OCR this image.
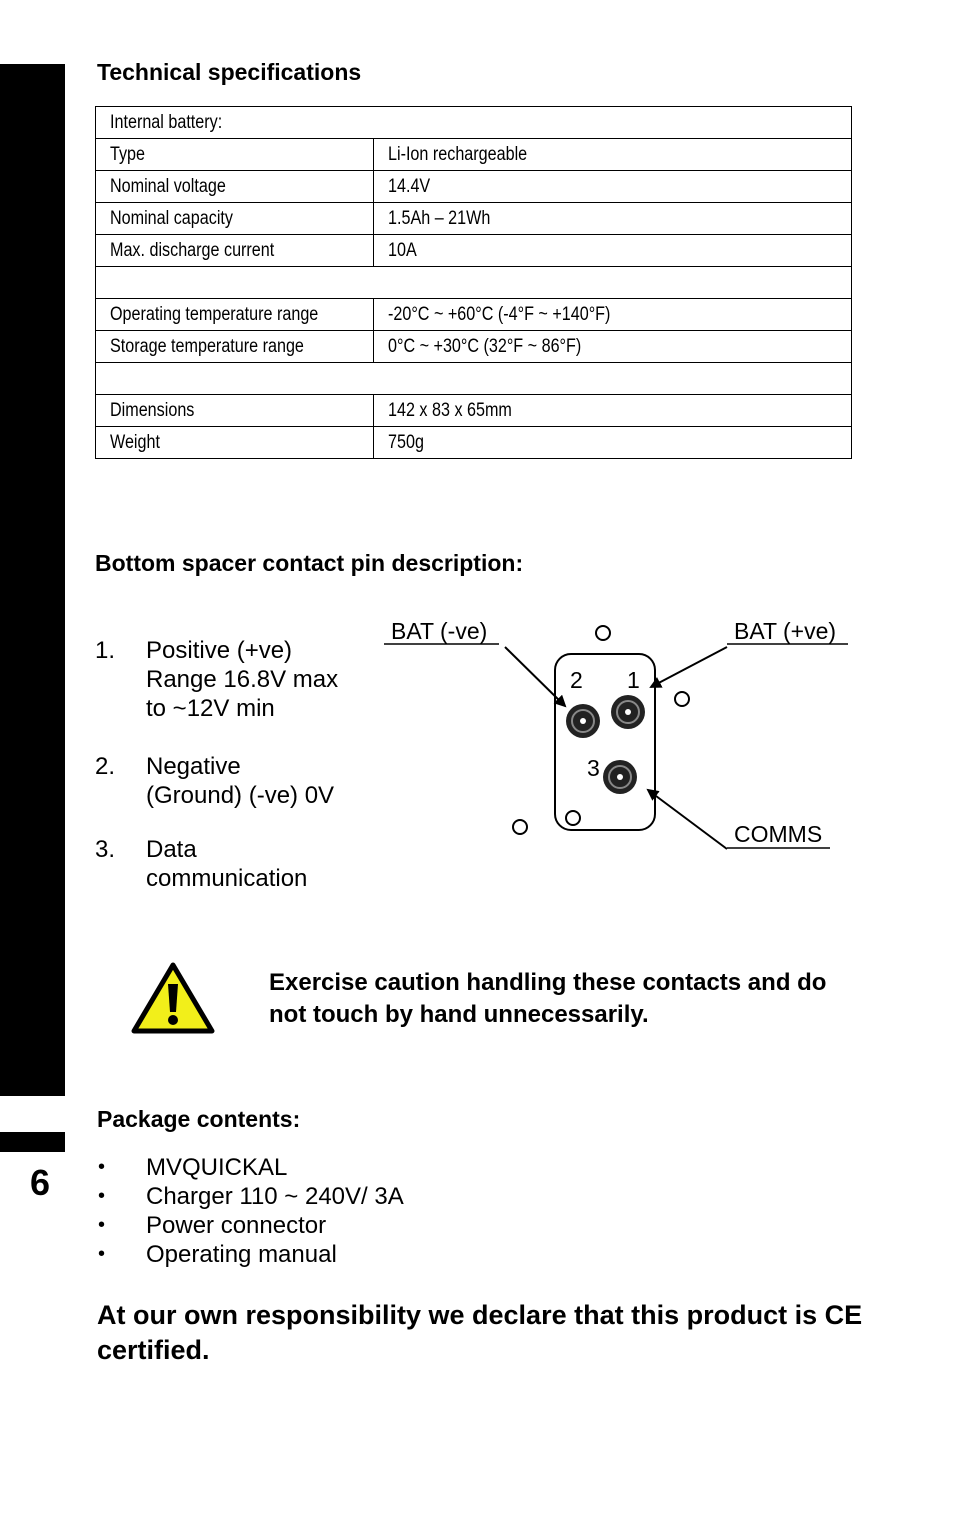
6
Technical specifications
Internal battery:	
Type	Li-Ion rechargeable
Nominal voltage	14.4V
Nominal capacity	1.5Ah – 21Wh
Max. discharge current	10A

Operating temperature range	-20°C ~ +60°C (-4°F ~ +140°F)
Storage temperature range	0°C ~ +30°C (32°F ~ 86°F)

Dimensions	142 x 83 x 65mm
Weight	750g
Bottom spacer contact pin description:
1. Positive (+ve)
Range 16.8V max
to ~12V min
2. Negative
(Ground) (-ve) 0V
3. Data
communication
BAT (-ve)	BAT (+ve)
COMMS
2 1
3
Exercise caution handling these contacts and do not touch by hand unnecessarily.
Package contents:
• MVQUICKAL
• Charger 110 ~ 240V/ 3A
• Power connector
• Operating manual
At our own responsibility we declare that this product is CE certified.
